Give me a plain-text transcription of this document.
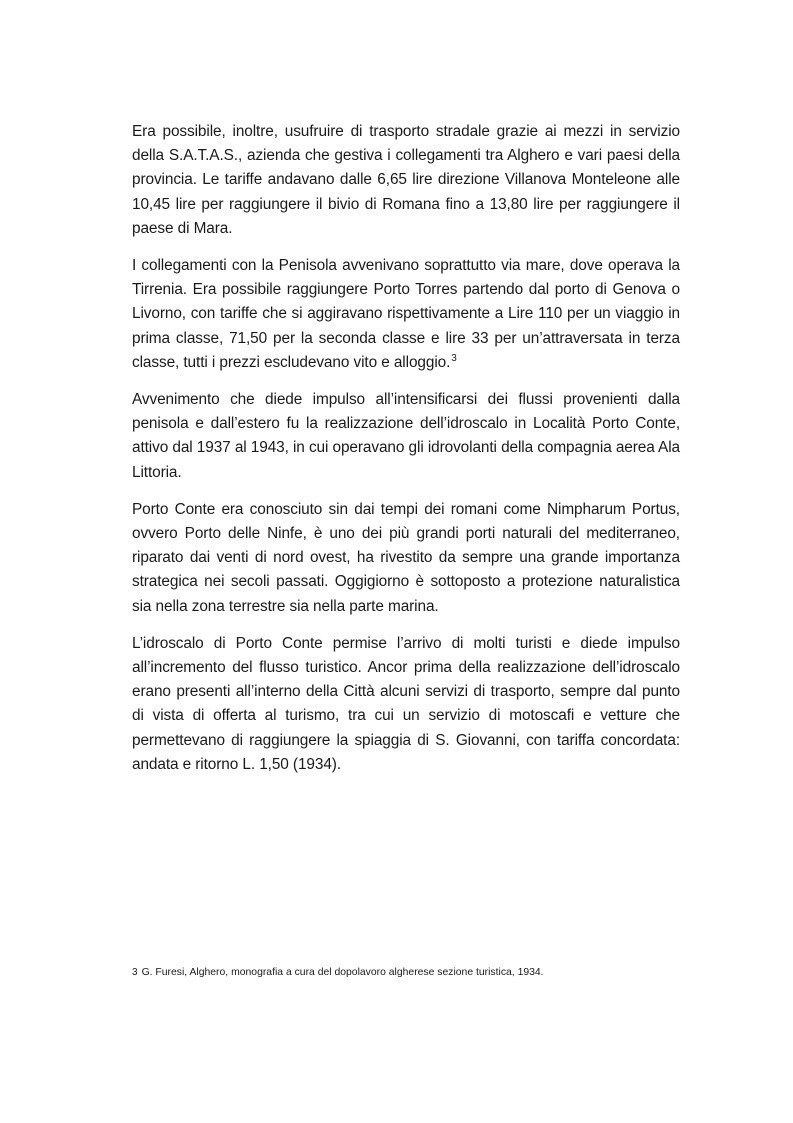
Era possibile, inoltre, usufruire di trasporto stradale grazie ai mezzi in servizio della S.A.T.A.S., azienda che gestiva i collegamenti tra Alghero e vari paesi della provincia. Le tariffe andavano dalle 6,65 lire direzione Villanova Monteleone alle 10,45 lire per raggiungere il bivio di Romana fino a 13,80 lire per raggiungere il paese di Mara.

I collegamenti con la Penisola avvenivano soprattutto via mare, dove operava la Tirrenia. Era possibile raggiungere Porto Torres partendo dal porto di Genova o Livorno, con tariffe che si aggiravano rispettivamente a Lire 110 per un viaggio in prima classe, 71,50 per la seconda classe e lire 33 per un’attraversata in terza classe, tutti i prezzi escludevano vito e alloggio.$^3$

Avvenimento che diede impulso all’intensificarsi dei flussi provenienti dalla penisola e dall’estero fu la realizzazione dell’idroscalo in Località Porto Conte, attivo dal 1937 al 1943, in cui operavano gli idrovolanti della compagnia aerea Ala Littoria.

Porto Conte era conosciuto sin dai tempi dei romani come Nimpharum Portus, ovvero Porto delle Ninfe, è uno dei più grandi porti naturali del mediterraneo, riparato dai venti di nord ovest, ha rivestito da sempre una grande importanza strategica nei secoli passati. Oggigiorno è sottoposto a protezione naturalistica sia nella zona terrestre sia nella parte marina.

L’idroscalo di Porto Conte permise l’arrivo di molti turisti e diede impulso all’incremento del flusso turistico. Ancor prima della realizzazione dell’idroscalo erano presenti all’interno della Città alcuni servizi di trasporto, sempre dal punto di vista di offerta al turismo, tra cui un servizio di motoscafi e vetture che permettevano di raggiungere la spiaggia di S. Giovanni, con tariffa concordata: andata e ritorno L. 1,50 (1934).

3 G. Furesi, Alghero, monografia a cura del dopolavoro algherese sezione turistica, 1934.
